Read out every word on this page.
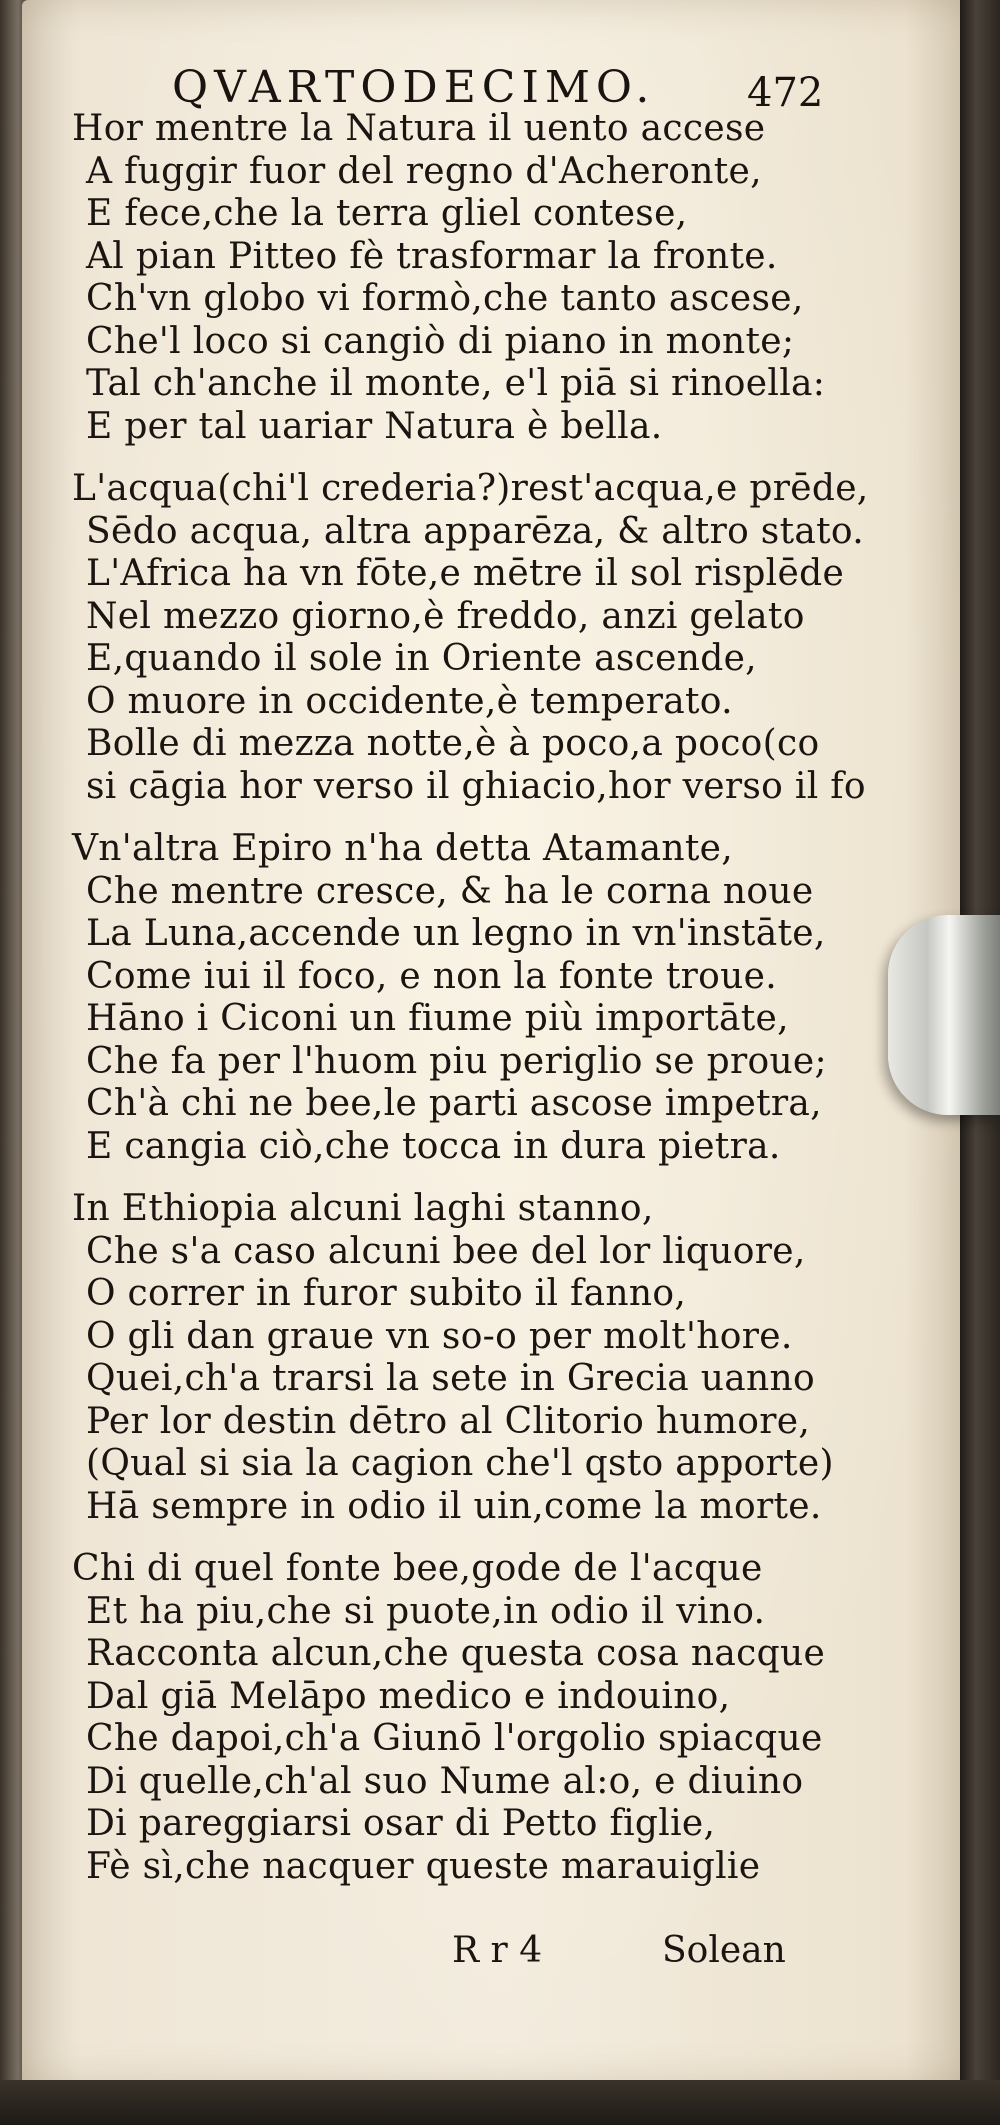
QVARTODECIMO. 472
Hor mentre la Natura il uento accese
A fuggir fuor del regno d'Acheronte,
E fece,che la terra gliel contese,
Al pian Pitteo fè trasformar la fronte.
Ch'vn globo vi formò,che tanto ascese,
Che'l loco si cangiò di piano in monte;
Tal ch'anche il monte, e'l piā si rinoella:
E per tal uariar Natura è bella.
L'acqua(chi'l crederia?)rest'acqua,e prēde,
Sēdo acqua, altra apparēza, & altro stato.
L'Africa ha vn fōte,e mētre il sol risplēde
Nel mezzo giorno,è freddo, anzi gelato
E,quando il sole in Oriente ascende,
O muore in occidente,è temperato.
Bolle di mezza notte,è à poco,a poco(co
si cāgia hor verso il ghiacio,hor verso il fo
Vn'altra Epiro n'ha detta Atamante,
Che mentre cresce, & ha le corna noue
La Luna,accende un legno in vn'instāte,
Come iui il foco, e non la fonte troue.
Hāno i Ciconi un fiume più importāte,
Che fa per l'huom piu periglio se proue;
Ch'à chi ne bee,le parti ascose impetra,
E cangia ciò,che tocca in dura pietra.
In Ethiopia alcuni laghi stanno,
Che s'a caso alcuni bee del lor liquore,
O correr in furor subito il fanno,
O gli dan graue vn so-o per molt'hore.
Quei,ch'a trarsi la sete in Grecia uanno
Per lor destin dētro al Clitorio humore,
(Qual si sia la cagion che'l qsto apporte)
Hā sempre in odio il uin,come la morte.
Chi di quel fonte bee,gode de l'acque
Et ha piu,che si puote,in odio il vino.
Racconta alcun,che questa cosa nacque
Dal giā Melāpo medico e indouino,
Che dapoi,ch'a Giunō l'orgolio spiacque
Di quelle,ch'al suo Nume al:o, e diuino
Di pareggiarsi osar di Petto figlie,
Fè sì,che nacquer queste marauiglie
R r 4	Solean
